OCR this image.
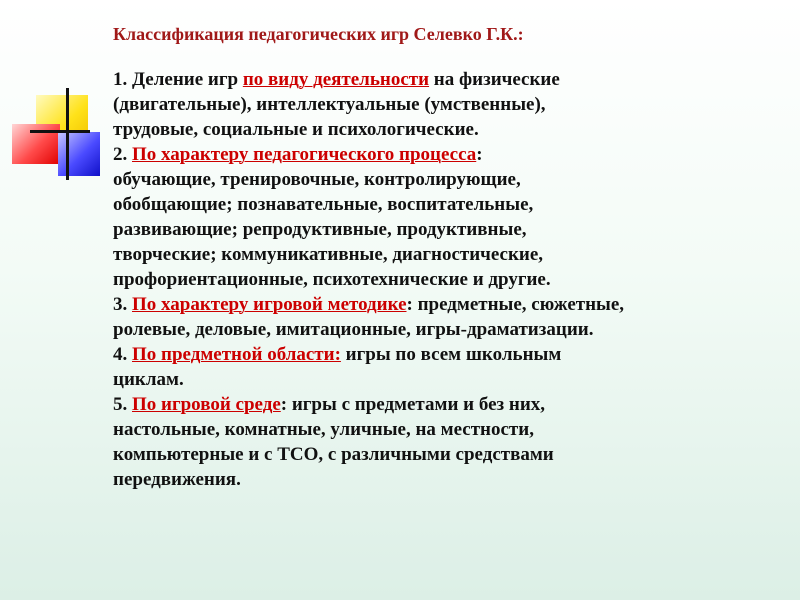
Классификация педагогических игр Селевко Г.К.:
1. Деление игр по виду деятельности на физические
(двигательные), интеллектуальные (умственные),
трудовые, социальные и психологические.
2. По характеру педагогического процесса:
обучающие, тренировочные, контролирующие,
обобщающие; познавательные, воспитательные,
развивающие; репродуктивные, продуктивные,
творческие; коммуникативные, диагностические,
профориентационные, психотехнические и другие.
3. По характеру игровой методике: предметные, сюжетные,
ролевые, деловые, имитационные, игры-драматизации.
4. По предметной области: игры по всем школьным
циклам.
5. По игровой среде: игры с предметами и без них,
настольные, комнатные, уличные, на местности,
компьютерные и с ТСО, с различными средствами
передвижения.
